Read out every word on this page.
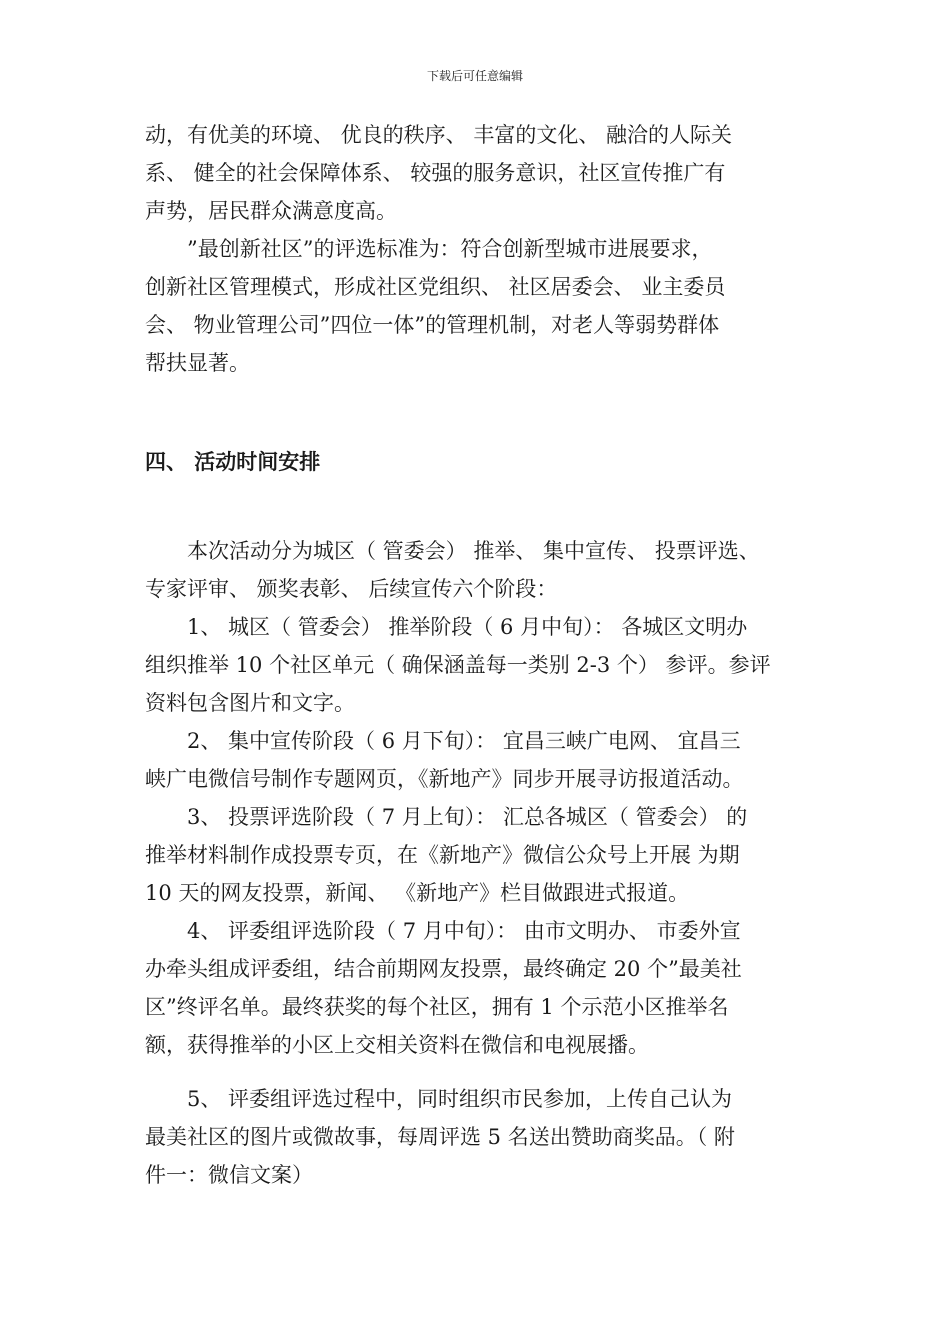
下载后可任意编辑
动，有优美的环境、 优良的秩序、 丰富的文化、 融洽的人际关
系、 健全的社会保障体系、 较强的服务意识，社区宣传推广有
声势，居民群众满意度高。
　　”最创新社区”的评选标准为：符合创新型城市进展要求，
创新社区管理模式，形成社区党组织、 社区居委会、 业主委员
会、 物业管理公司”四位一体”的管理机制，对老人等弱势群体
帮扶显著。
四、 活动时间安排
　　本次活动分为城区（ 管委会） 推举、 集中宣传、 投票评选、
专家评审、 颁奖表彰、 后续宣传六个阶段：
　　1、 城区（ 管委会） 推举阶段（ 6 月中旬）： 各城区文明办
组织推举 10 个社区单元（ 确保涵盖每一类别 2-3 个） 参评。参评
资料包含图片和文字。
　　2、 集中宣传阶段（ 6 月下旬）： 宜昌三峡广电网、 宜昌三
峡广电微信号制作专题网页，《新地产》同步开展寻访报道活动。
　　3、 投票评选阶段（ 7 月上旬）： 汇总各城区（ 管委会） 的
推举材料制作成投票专页，在《新地产》微信公众号上开展 为期
10 天的网友投票，新闻、 《新地产》栏目做跟进式报道。
　　4、 评委组评选阶段（ 7 月中旬）： 由市文明办、 市委外宣
办牵头组成评委组，结合前期网友投票，最终确定 20 个”最美社
区”终评名单。最终获奖的每个社区，拥有 1 个示范小区推举名
额，获得推举的小区上交相关资料在微信和电视展播。
　　5、 评委组评选过程中，同时组织市民参加，上传自己认为
最美社区的图片或微故事，每周评选 5 名送出赞助商奖品。（ 附
件一：微信文案）
